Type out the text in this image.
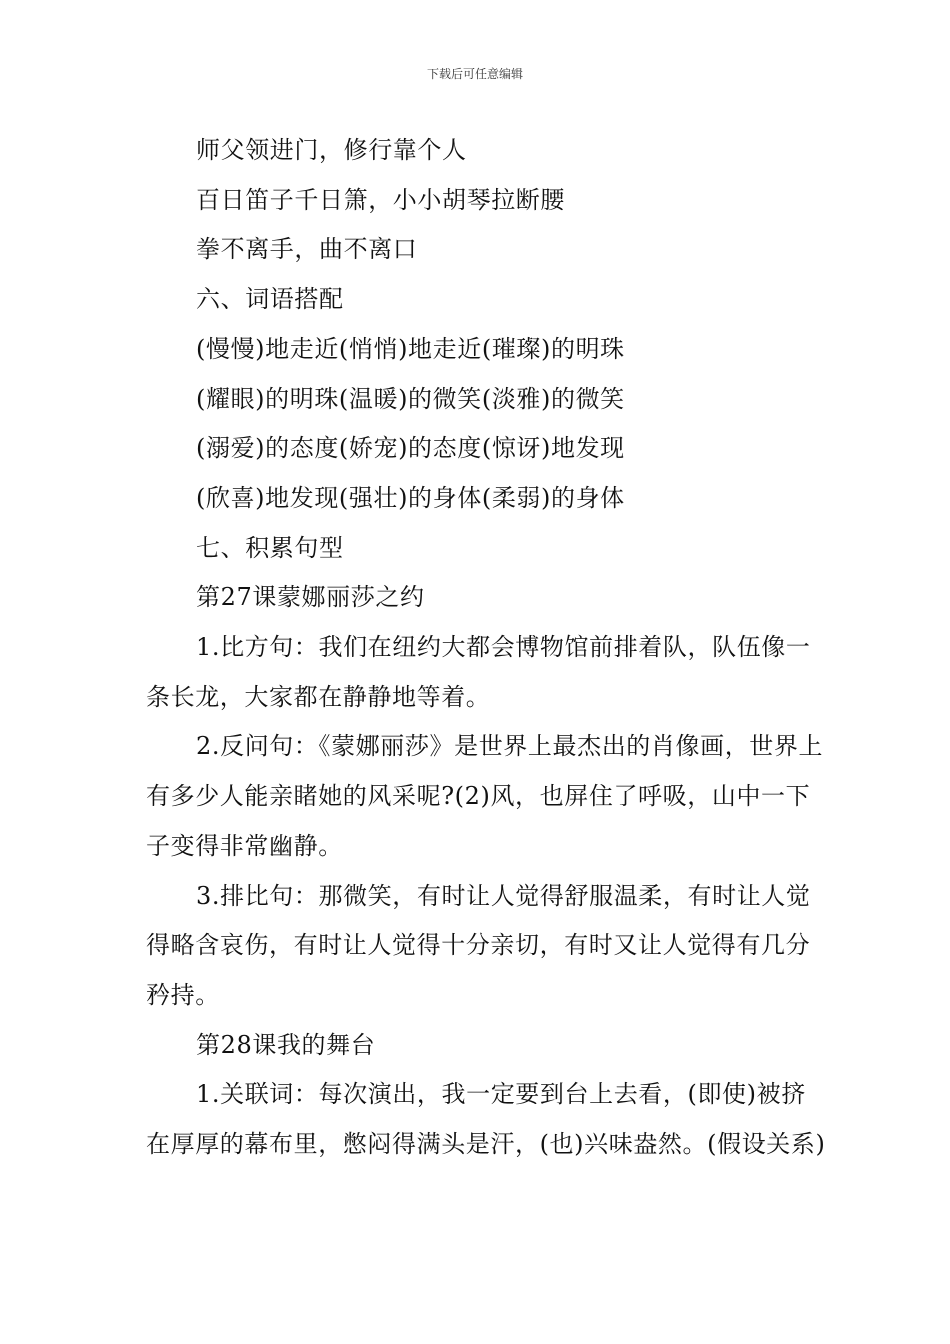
下载后可任意编辑

师父领进门，修行靠个人

百日笛子千日箫，小小胡琴拉断腰

拳不离手，曲不离口

六、词语搭配

(慢慢)地走近(悄悄)地走近(璀璨)的明珠

(耀眼)的明珠(温暖)的微笑(淡雅)的微笑

(溺爱)的态度(娇宠)的态度(惊讶)地发现

(欣喜)地发现(强壮)的身体(柔弱)的身体

七、积累句型

第27课蒙娜丽莎之约

1.比方句：我们在纽约大都会博物馆前排着队，队伍像一条长龙，大家都在静静地等着。

2.反问句：《蒙娜丽莎》是世界上最杰出的肖像画，世界上有多少人能亲睹她的风采呢?(2)风，也屏住了呼吸，山中一下子变得非常幽静。

3.排比句：那微笑，有时让人觉得舒服温柔，有时让人觉得略含哀伤，有时让人觉得十分亲切，有时又让人觉得有几分矜持。

第28课我的舞台

1.关联词：每次演出，我一定要到台上去看，(即使)被挤在厚厚的幕布里，憋闷得满头是汗，(也)兴味盎然。(假设关系)
